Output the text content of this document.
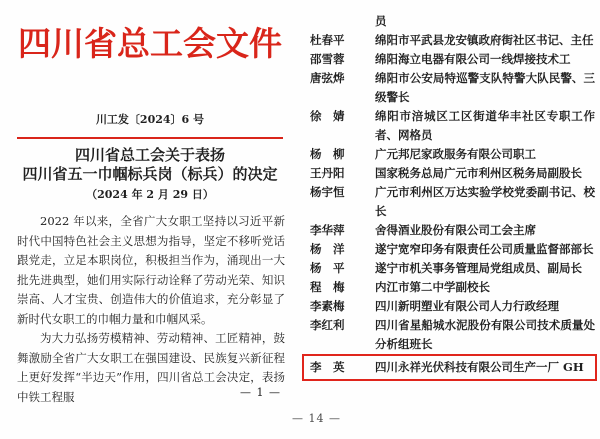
四川省总工会文件
川工发〔2024〕6 号
四川省总工会关于表扬
四川省五一巾帼标兵岗（标兵）的决定
（2024 年 2 月 29 日）

2022 年以来，全省广大女职工坚持以习近平新时代中国特色社会主义思想为指导，坚定不移听党话跟党走，立足本职岗位，积极担当作为，涌现出一大批先进典型，她们用实际行动诠释了劳动光荣、知识崇高、人才宝贵、创造伟大的价值追求，充分彰显了新时代女职工的巾帼力量和巾帼风采。

为大力弘扬劳模精神、劳动精神、工匠精神，鼓舞激励全省广大女职工在强国建设、民族复兴新征程上更好发挥“半边天”作用，四川省总工会决定，表扬中铁工程服	— 1 —
员
杜春平	绵阳市平武县龙安镇政府街社区书记、主任
邵雪蓉	绵阳海立电器有限公司一线焊接技术工
唐弦烨	绵阳市公安局特巡警支队特警大队民警、三级警长
徐　婧	绵阳市涪城区工区街道华丰社区专职工作者、网格员
杨　柳	广元邦尼家政服务有限公司职工
王丹阳	国家税务总局广元市利州区税务局副股长
杨宇恒	广元市利州区万达实验学校党委副书记、校长
李华萍	舍得酒业股份有限公司工会主席
杨　洋	遂宁宽窄印务有限责任公司质量监督部部长
杨　平	遂宁市机关事务管理局党组成员、副局长
程　梅	内江市第二中学副校长
李素梅	四川新明塑业有限公司人力行政经理
李红利	四川省星船城水泥股份有限公司技术质量处分析组班长
李　英	四川永祥光伏科技有限公司生产一厂 GH
— 14 —
